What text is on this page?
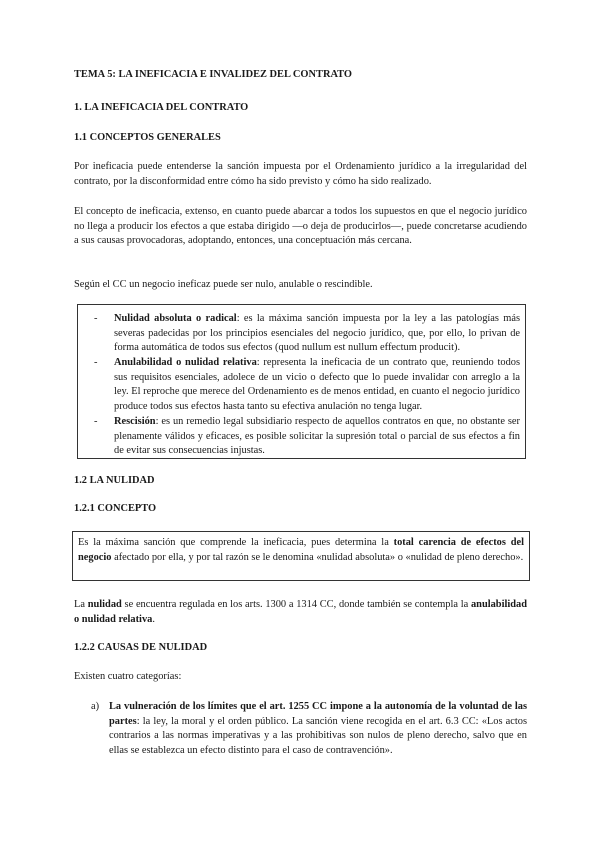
TEMA 5: LA INEFICACIA E INVALIDEZ DEL CONTRATO
1. LA INEFICACIA DEL CONTRATO
1.1 CONCEPTOS GENERALES
Por ineficacia puede entenderse la sanción impuesta por el Ordenamiento jurídico a la irregularidad del contrato, por la disconformidad entre cómo ha sido previsto y cómo ha sido realizado.
El concepto de ineficacia, extenso, en cuanto puede abarcar a todos los supuestos en que el negocio jurídico no llega a producir los efectos a que estaba dirigido —o deja de producirlos—, puede concretarse acudiendo a sus causas provocadoras, adoptando, entonces, una conceptuación más cercana.
Según el CC un negocio ineficaz puede ser nulo, anulable o rescindible.
- Nulidad absoluta o radical: es la máxima sanción impuesta por la ley a las patologías más severas padecidas por los principios esenciales del negocio jurídico, que, por ello, lo privan de forma automática de todos sus efectos (quod nullum est nullum effectum producit).
- Anulabilidad o nulidad relativa: representa la ineficacia de un contrato que, reuniendo todos sus requisitos esenciales, adolece de un vicio o defecto que lo puede invalidar con arreglo a la ley. El reproche que merece del Ordenamiento es de menos entidad, en cuanto el negocio jurídico produce todos sus efectos hasta tanto su efectiva anulación no tenga lugar.
- Rescisión: es un remedio legal subsidiario respecto de aquellos contratos en que, no obstante ser plenamente válidos y eficaces, es posible solicitar la supresión total o parcial de sus efectos a fin de evitar sus consecuencias injustas.
1.2 LA NULIDAD
1.2.1 CONCEPTO
Es la máxima sanción que comprende la ineficacia, pues determina la total carencia de efectos del negocio afectado por ella, y por tal razón se le denomina «nulidad absoluta» o «nulidad de pleno derecho».
La nulidad se encuentra regulada en los arts. 1300 a 1314 CC, donde también se contempla la anulabilidad o nulidad relativa.
1.2.2 CAUSAS DE NULIDAD
Existen cuatro categorías:
a) La vulneración de los límites que el art. 1255 CC impone a la autonomía de la voluntad de las partes: la ley, la moral y el orden público. La sanción viene recogida en el art. 6.3 CC: «Los actos contrarios a las normas imperativas y a las prohibitivas son nulos de pleno derecho, salvo que en ellas se establezca un efecto distinto para el caso de contravención».
